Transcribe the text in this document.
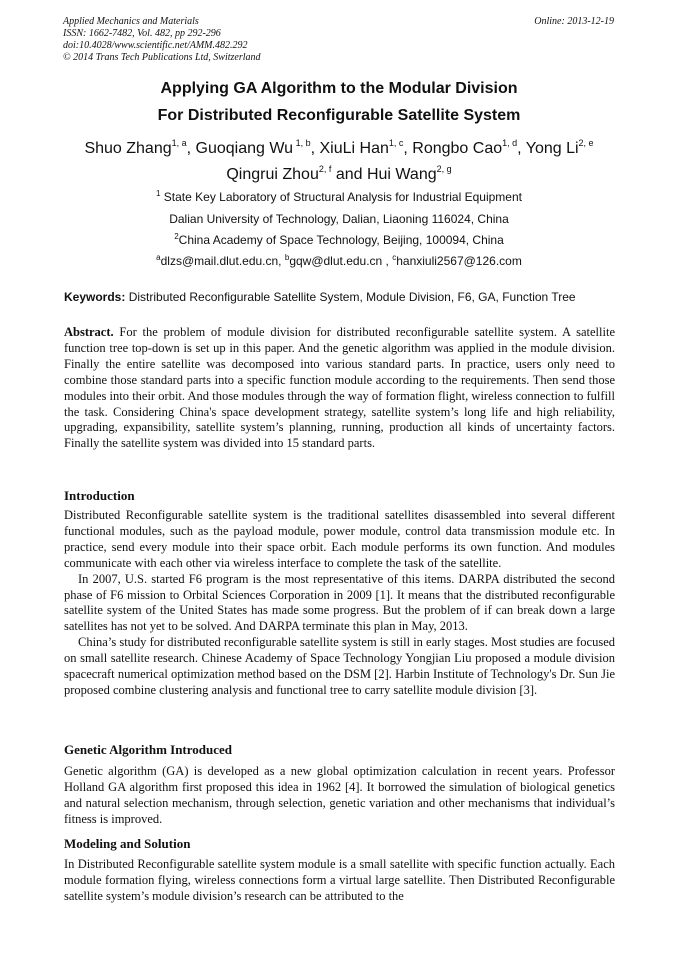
Applied Mechanics and Materials
ISSN: 1662-7482, Vol. 482, pp 292-296
doi:10.4028/www.scientific.net/AMM.482.292
© 2014 Trans Tech Publications Ltd, Switzerland
Online: 2013-12-19
Applying GA Algorithm to the Modular Division
For Distributed Reconfigurable Satellite System
Shuo Zhang$^{1, a}$, Guoqiang Wu $^{1, b}$, XiuLi Han$^{1, c}$, Rongbo Cao$^{1, d}$, Yong Li$^{2, e}$
Qingrui Zhou$^{2, f}$ and Hui Wang$^{2, g}$
$^1$ State Key Laboratory of Structural Analysis for Industrial Equipment
Dalian University of Technology, Dalian, Liaoning 116024, China
$^2$China Academy of Space Technology, Beijing, 100094, China
$^a$dlzs@mail.dlut.edu.cn, $^b$gqw@dlut.edu.cn , $^c$hanxiuli2567@126.com
Keywords: Distributed Reconfigurable Satellite System, Module Division, F6, GA, Function Tree

Abstract. For the problem of module division for distributed reconfigurable satellite system. A satellite function tree top-down is set up in this paper. And the genetic algorithm was applied in the module division. Finally the entire satellite was decomposed into various standard parts. In practice, users only need to combine those standard parts into a specific function module according to the requirements. Then send those modules into their orbit. And those modules through the way of formation flight, wireless connection to fulfill the task. Considering China's space development strategy, satellite system’s long life and high reliability, upgrading, expansibility, satellite system’s planning, running, production all kinds of uncertainty factors. Finally the satellite system was divided into 15 standard parts.

Introduction

Distributed Reconfigurable satellite system is the traditional satellites disassembled into several different functional modules, such as the payload module, power module, control data transmission module etc. In practice, send every module into their space orbit. Each module performs its own function. And modules communicate with each other via wireless interface to complete the task of the satellite.

In 2007, U.S. started F6 program is the most representative of this items. DARPA distributed the second phase of F6 mission to Orbital Sciences Corporation in 2009 [1]. It means that the distributed reconfigurable satellite system of the United States has made some progress. But the problem of if can break down a large satellites has not yet to be solved. And DARPA terminate this plan in May, 2013.

China’s study for distributed reconfigurable satellite system is still in early stages. Most studies are focused on small satellite research. Chinese Academy of Space Technology Yongjian Liu proposed a module division spacecraft numerical optimization method based on the DSM [2]. Harbin Institute of Technology's Dr. Sun Jie proposed combine clustering analysis and functional tree to carry satellite module division [3].

Genetic Algorithm Introduced

Genetic algorithm (GA) is developed as a new global optimization calculation in recent years. Professor Holland GA algorithm first proposed this idea in 1962 [4]. It borrowed the simulation of biological genetics and natural selection mechanism, through selection, genetic variation and other mechanisms that individual’s fitness is improved.

Modeling and Solution

In Distributed Reconfigurable satellite system module is a small satellite with specific function actually. Each module formation flying, wireless connections form a virtual large satellite. Then Distributed Reconfigurable satellite system’s module division’s research can be attributed to the
